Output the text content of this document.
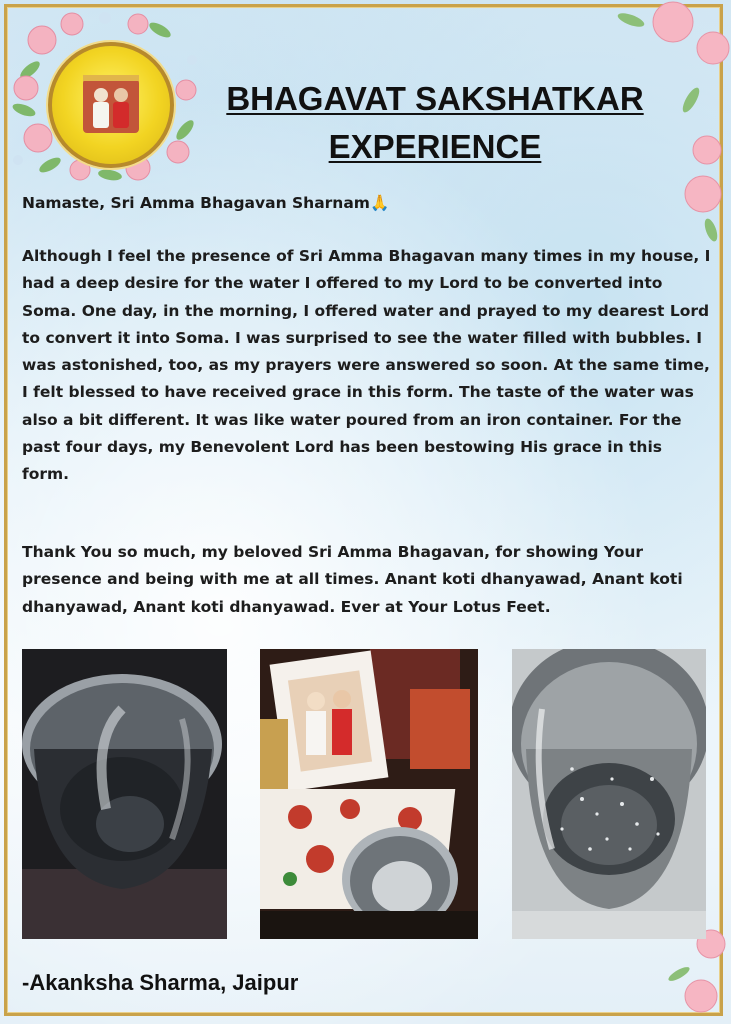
BHAGAVAT SAKSHATKAR
EXPERIENCE

Namaste, Sri Amma Bhagavan Sharnam🙏

Although I feel the presence of Sri Amma Bhagavan many times in my house, I had a deep desire for the water I offered to my Lord to be converted into Soma. One day, in the morning, I offered water and prayed to my dearest Lord to convert it into Soma. I was surprised to see the water filled with bubbles. I was astonished, too, as my prayers were answered so soon. At the same time, I felt blessed to have received grace in this form. The taste of the water was also a bit different. It was like water poured from an iron container. For the past four days, my Benevolent Lord has been bestowing His grace in this form.

Thank You so much, my beloved Sri Amma Bhagavan, for showing Your presence and being with me at all times. Anant koti dhanyawad, Anant koti dhanyawad, Anant koti dhanyawad. Ever at Your Lotus Feet.

-Akanksha Sharma, Jaipur
